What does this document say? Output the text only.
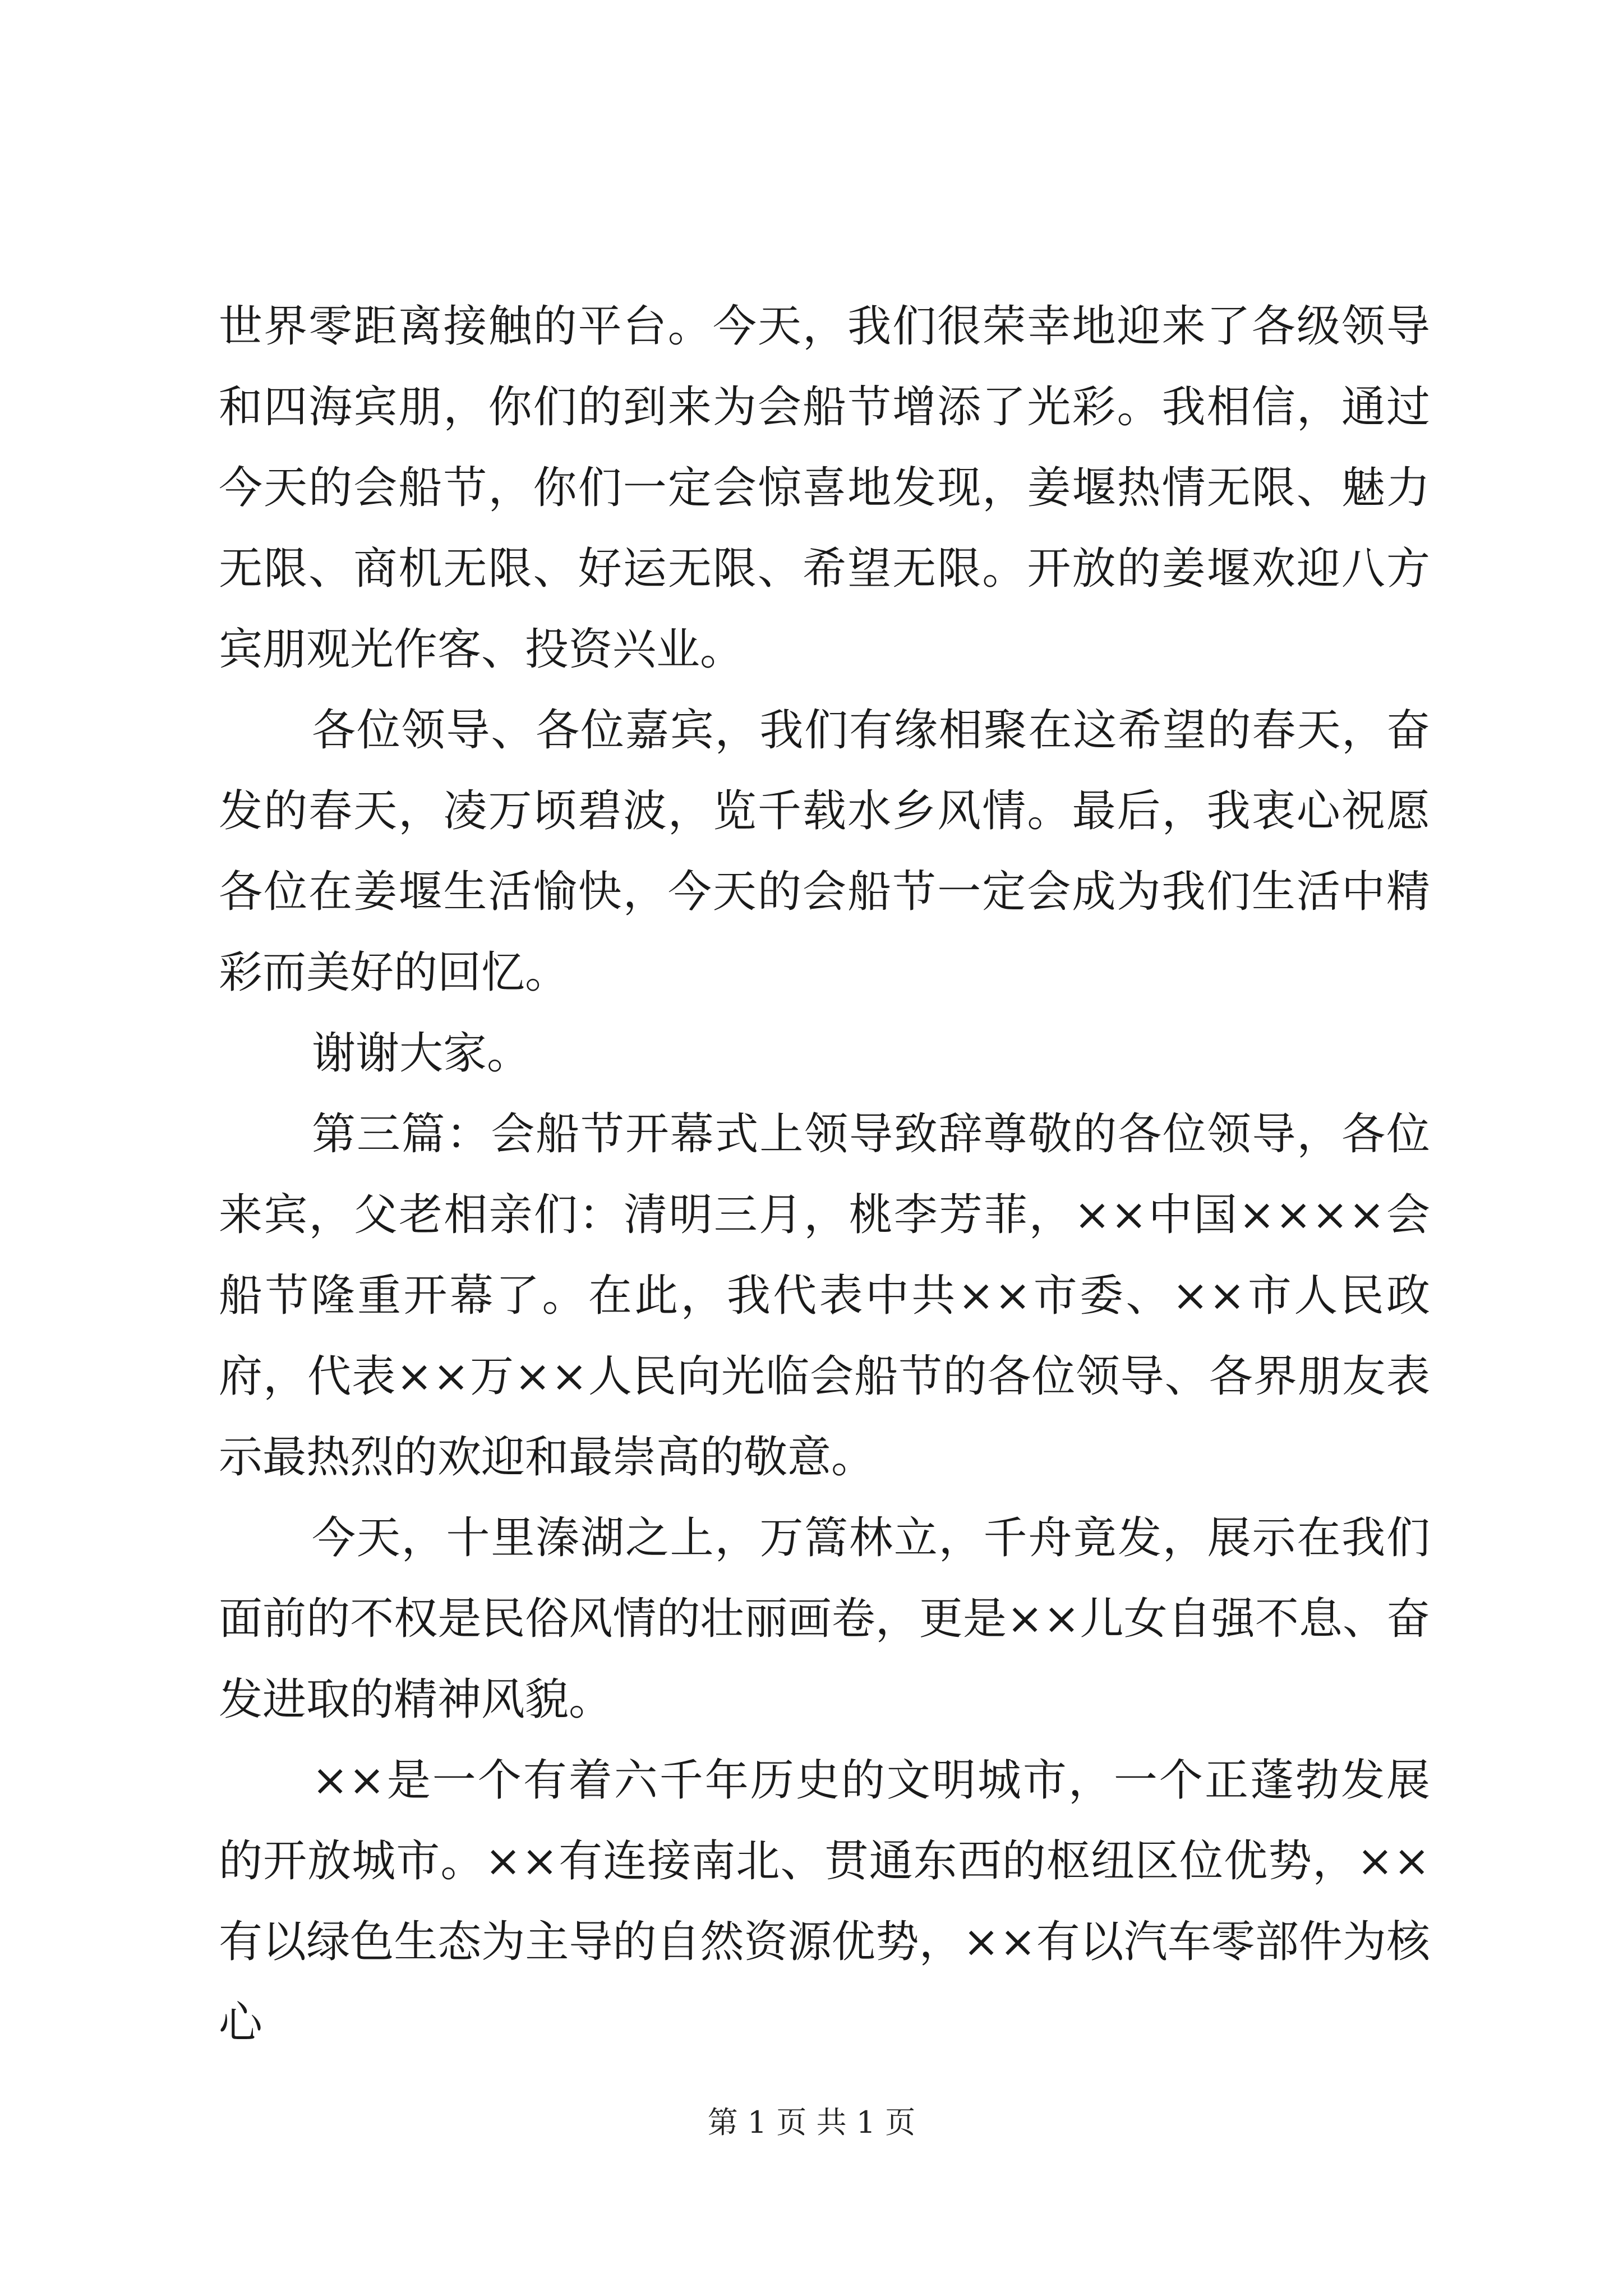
世界零距离接触的平台。今天，我们很荣幸地迎来了各级领导和四海宾朋，你们的到来为会船节增添了光彩。我相信，通过今天的会船节，你们一定会惊喜地发现，姜堰热情无限、魅力无限、商机无限、好运无限、希望无限。开放的姜堰欢迎八方宾朋观光作客、投资兴业。

各位领导、各位嘉宾，我们有缘相聚在这希望的春天，奋发的春天，凌万顷碧波，览千载水乡风情。最后，我衷心祝愿各位在姜堰生活愉快，今天的会船节一定会成为我们生活中精彩而美好的回忆。

谢谢大家。

第三篇：会船节开幕式上领导致辞尊敬的各位领导，各位来宾，父老相亲们：清明三月，桃李芳菲，××中国××××会船节隆重开幕了。在此，我代表中共××市委、××市人民政府，代表××万××人民向光临会船节的各位领导、各界朋友表示最热烈的欢迎和最崇高的敬意。

今天，十里溱湖之上，万篙林立，千舟竟发，展示在我们面前的不权是民俗风情的壮丽画卷，更是××儿女自强不息、奋发进取的精神风貌。

××是一个有着六千年历史的文明城市，一个正蓬勃发展的开放城市。××有连接南北、贯通东西的枢纽区位优势，××有以绿色生态为主导的自然资源优势，××有以汽车零部件为核心

第 1 页 共 1 页
